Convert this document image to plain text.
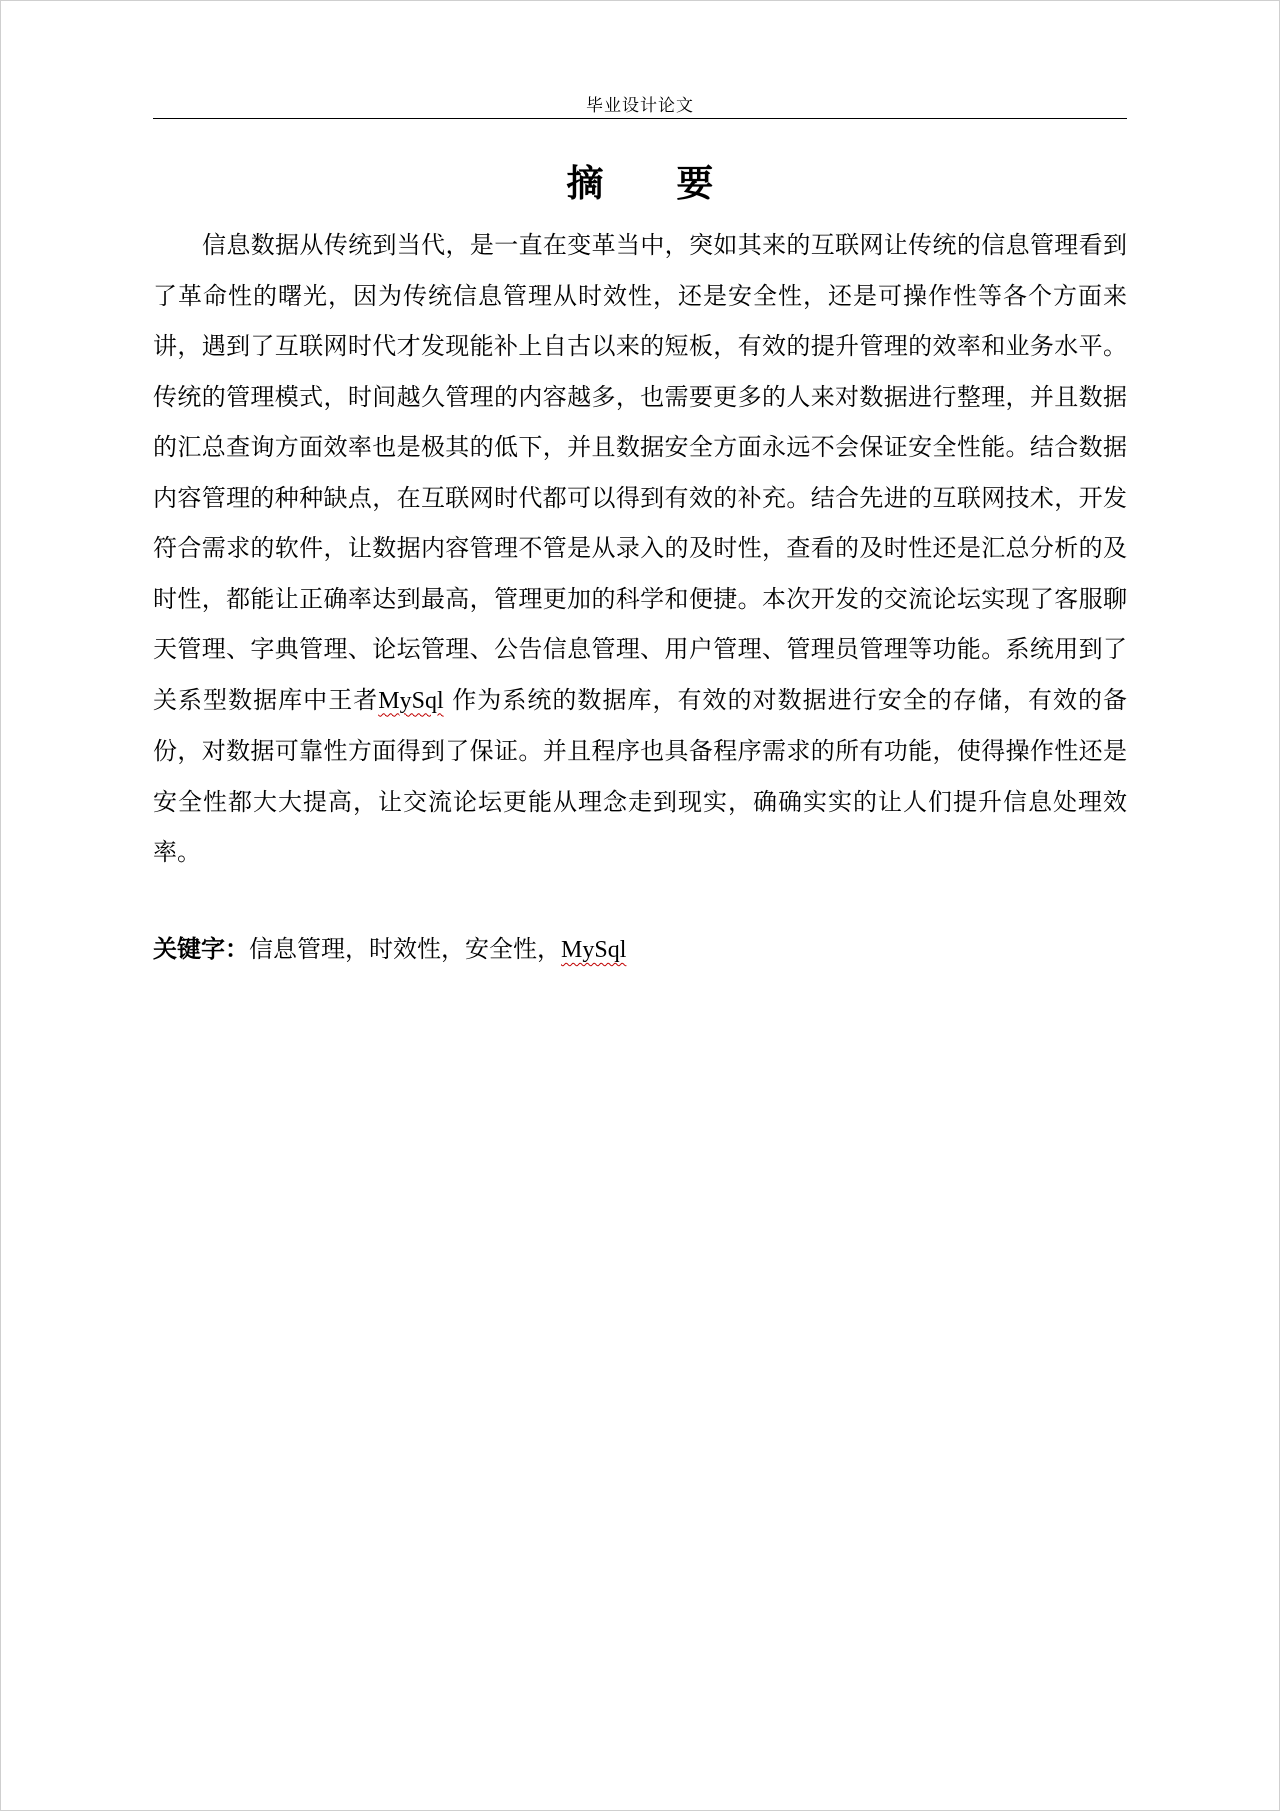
毕业设计论文
摘 要

信息数据从传统到当代，是一直在变革当中，突如其来的互联网让传统的信息管理看到了革命性的曙光，因为传统信息管理从时效性，还是安全性，还是可操作性等各个方面来讲，遇到了互联网时代才发现能补上自古以来的短板，有效的提升管理的效率和业务水平。传统的管理模式，时间越久管理的内容越多，也需要更多的人来对数据进行整理，并且数据的汇总查询方面效率也是极其的低下，并且数据安全方面永远不会保证安全性能。结合数据内容管理的种种缺点，在互联网时代都可以得到有效的补充。结合先进的互联网技术，开发符合需求的软件，让数据内容管理不管是从录入的及时性，查看的及时性还是汇总分析的及时性，都能让正确率达到最高，管理更加的科学和便捷。本次开发的交流论坛实现了客服聊天管理、字典管理、论坛管理、公告信息管理、用户管理、管理员管理等功能。系统用到了关系型数据库中王者MySql 作为系统的数据库，有效的对数据进行安全的存储，有效的备份，对数据可靠性方面得到了保证。并且程序也具备程序需求的所有功能，使得操作性还是安全性都大大提高，让交流论坛更能从理念走到现实，确确实实的让人们提升信息处理效率。

关键字：信息管理，时效性，安全性，MySql
